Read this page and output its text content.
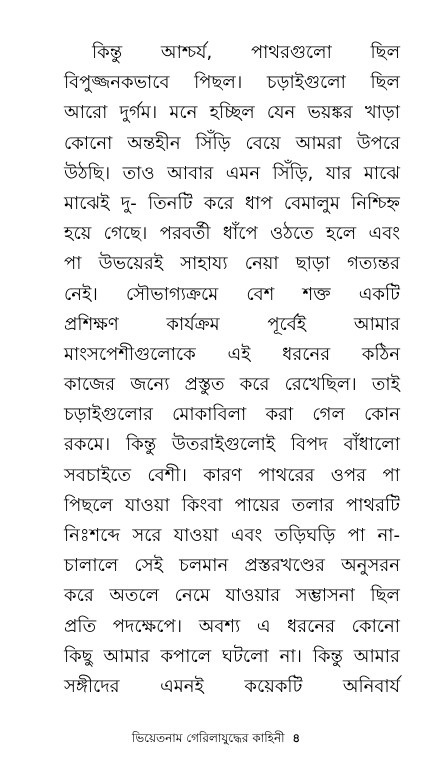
কিন্তু আশ্চর্য, পাথরগুলো ছিল
বিপুজ্জনকভাবে পিছল। চড়াইগুলো ছিল
আরো দুর্গম। মনে হচ্ছিল যেন ভয়ঙ্কর খাড়া
কোনো অন্তহীন সিঁড়ি বেয়ে আমরা উপরে
উঠছি। তাও আবার এমন সিঁড়ি, যার মাঝে
মাঝেই দু- তিনটি করে ধাপ বেমালুম নিশ্চিহ্ন
হয়ে গেছে। পরবর্তী ধাঁপে ওঠতে হলে এবং
পা উভয়েরই সাহায্য নেয়া ছাড়া গত্যন্তর
নেই। সৌভাগ্যক্রমে বেশ শক্ত একটি
প্রশিক্ষণ	কার্যক্রম	পূর্বেই	আমার
মাংসপেশীগুলোকে এই ধরনের কঠিন
কাজের জন্যে প্রস্তুত করে রেখেছিল। তাই
চড়াইগুলোর মোকাবিলা করা গেল কোন
রকমে। কিন্তু উতরাইগুলোই বিপদ বাঁধালো
সবচাইতে বেশী। কারণ পাথরের ওপর পা
পিছলে যাওয়া কিংবা পায়ের তলার পাথরটি
নিঃশব্দে সরে যাওয়া এবং তড়িঘড়ি পা না-
চালালে সেই চলমান প্রস্তরখণ্ডের অনুসরন
করে অতলে নেমে যাওয়ার সম্ভাসনা ছিল
প্রতি পদক্ষেপে। অবশ্য এ ধরনের কোনো
কিছু আমার কপালে ঘটলো না। কিন্তু আমার
সঙ্গীদের এমনই কয়েকটি অনিবার্য
ভিয়েতনাম গেরিলাযুদ্ধের কাহিনী ৪
